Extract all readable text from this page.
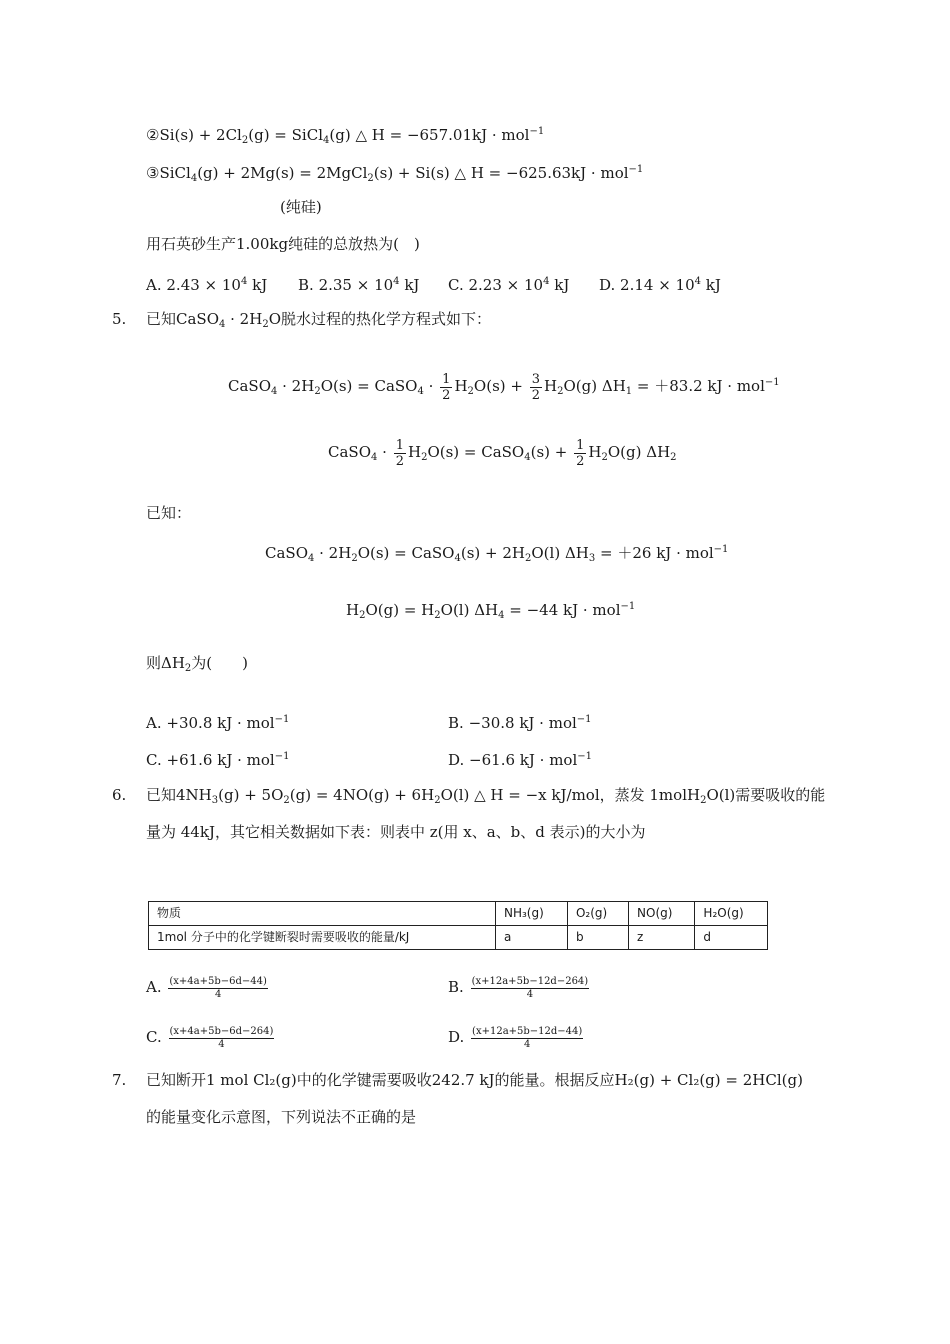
②Si(s) + $2Cl_2(g)$ = SiCl$_4$(g) △ H = −657.01kJ · mol$^{-1}$
③SiCl$_4$(g) + 2Mg(s) = 2MgCl$_2$(s) + Si(s) △ H = −625.63kJ · mol$^{-1}$
(纯硅)
用石英砂生产1.00kg纯硅的总放热为(　)
A. $2.43 \times 10^4$ kJ B. $2.35 \times 10^4$ kJ C. $2.23 \times 10^4$ kJ D. $2.14 \times 10^4$ kJ
5. 已知CaSO$_4$ · $2H_2O$脱水过程的热化学方程式如下：
CaSO$_4$ · $2H_2O(s)$ = CaSO$_4$ · $\frac{1}{2} H_2O(s) + \frac{3}{2} H_2O(g) \Delta H_1 = +83.2$ kJ · mol$^{-1}$
CaSO$_4$ · $\frac{1}{2} H_2O(s)$ = CaSO$_4$(s) + $\frac{1}{2} H_2O(g)$ $\Delta H_2$
已知：
CaSO$_4$ · $2H_2O(s)$ = CaSO$_4$(s) + $2H_2O(l) \Delta H_3 = +26$ kJ · mol$^{-1}$
$H_2O(g) = H_2O(l) \Delta H_4 = -44$ kJ · mol$^{-1}$
则$\Delta H_2$为(　　)
A. +30.8 kJ · mol$^{-1}$	B. −30.8 kJ · mol$^{-1}$
C. +61.6 kJ · mol$^{-1}$	D. −61.6 kJ · mol$^{-1}$
6. 已知$4NH_3(g) + 5O_2(g) = 4NO(g) + 6H_2O(l)$ △ H = −x kJ/mol，蒸发 1molH$_2$O(l)需要吸收的能
量为 44kJ，其它相关数据如下表：则表中 z(用 x、a、b、d 表示)的大小为
物质	NH₃(g)	O₂(g)	NO(g)	H₂O(g)
1mol 分子中的化学键断裂时需要吸收的能量/kJ	a	b	z	d
A. $\frac{(x+4a+5b-6d-44)}{4}$	B. $\frac{(x+12a+5b-12d-264)}{4}$
C. $\frac{(x+4a+5b-6d-264)}{4}$	D. $\frac{(x+12a+5b-12d-44)}{4}$
7. 已知断开1 mol Cl₂(g)中的化学键需要吸收242.7 kJ的能量。根据反应H₂(g) + Cl₂(g) = 2HCl(g)
的能量变化示意图，下列说法不正确的是
